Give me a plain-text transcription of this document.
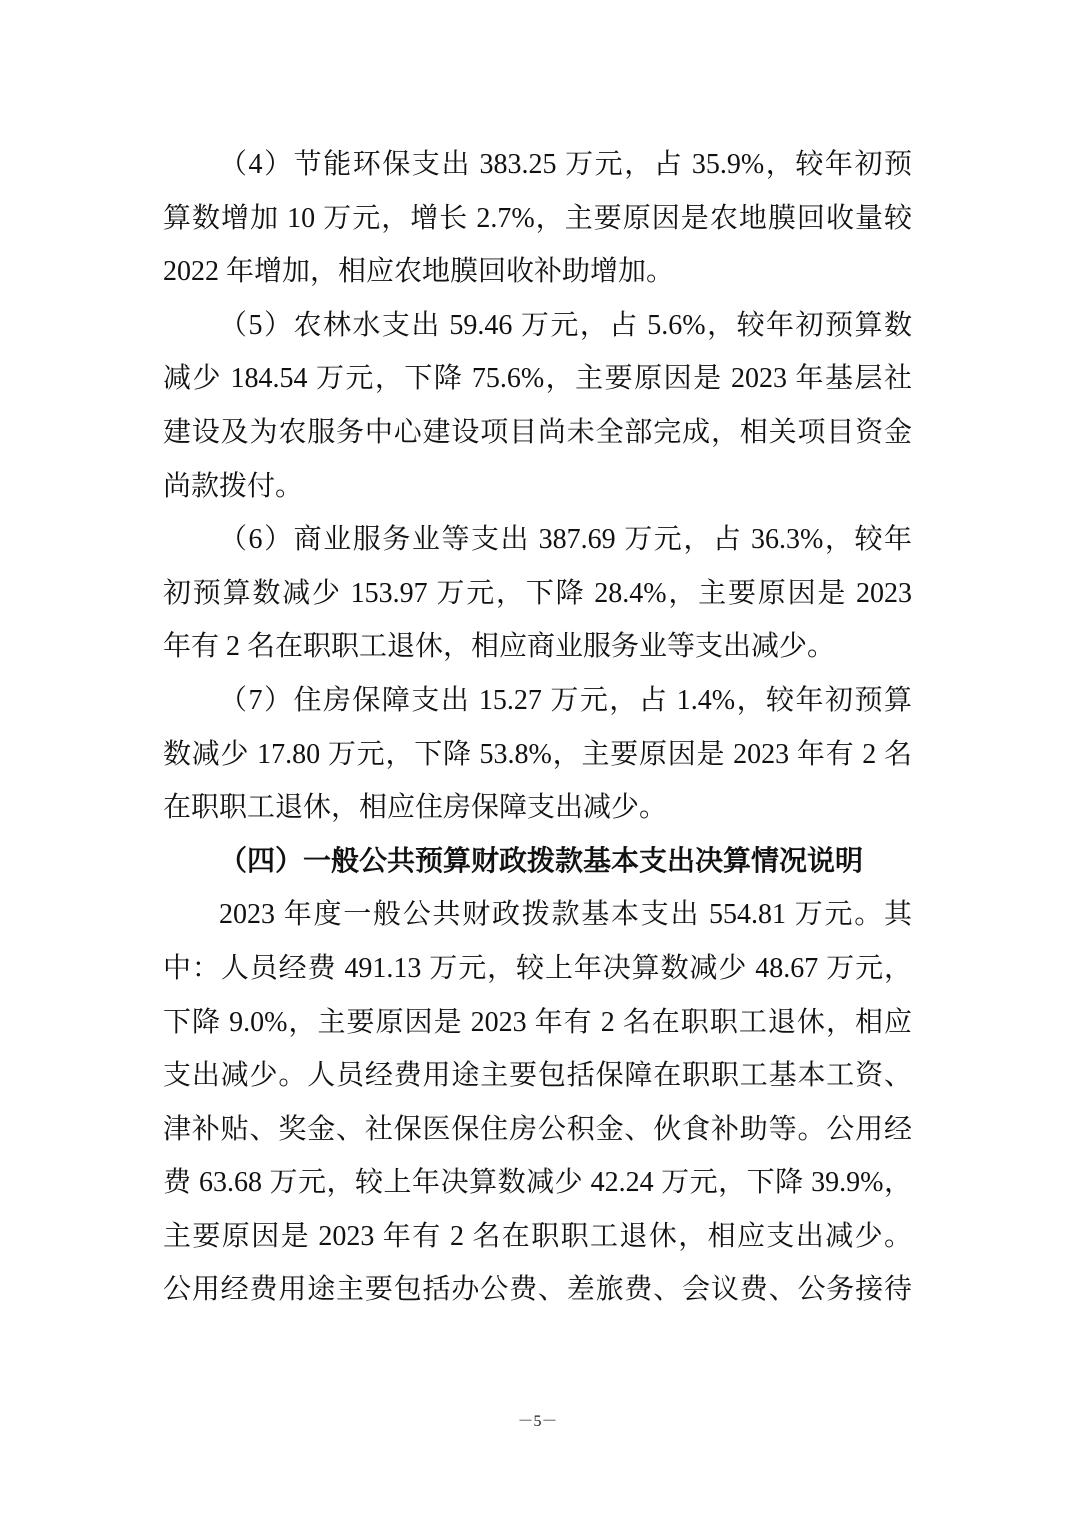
（4）节能环保支出 383.25 万元，占 35.9%，较年初预
算数增加 10 万元，增长 2.7%，主要原因是农地膜回收量较
2022 年增加，相应农地膜回收补助增加。
（5）农林水支出 59.46 万元，占 5.6%，较年初预算数
减少 184.54 万元，下降 75.6%，主要原因是 2023 年基层社
建设及为农服务中心建设项目尚未全部完成，相关项目资金
尚款拨付。
（6）商业服务业等支出 387.69 万元，占 36.3%，较年
初预算数减少 153.97 万元，下降 28.4%，主要原因是 2023
年有 2 名在职职工退休，相应商业服务业等支出减少。
（7）住房保障支出 15.27 万元，占 1.4%，较年初预算
数减少 17.80 万元，下降 53.8%，主要原因是 2023 年有 2 名
在职职工退休，相应住房保障支出减少。
（四）一般公共预算财政拨款基本支出决算情况说明
2023 年度一般公共财政拨款基本支出 554.81 万元。其
中：人员经费 491.13 万元，较上年决算数减少 48.67 万元，
下降 9.0%，主要原因是 2023 年有 2 名在职职工退休，相应
支出减少。人员经费用途主要包括保障在职职工基本工资、
津补贴、奖金、社保医保住房公积金、伙食补助等。公用经
费 63.68 万元，较上年决算数减少 42.24 万元，下降 39.9%，
主要原因是 2023 年有 2 名在职职工退休，相应支出减少。
公用经费用途主要包括办公费、差旅费、会议费、公务接待
－5－
